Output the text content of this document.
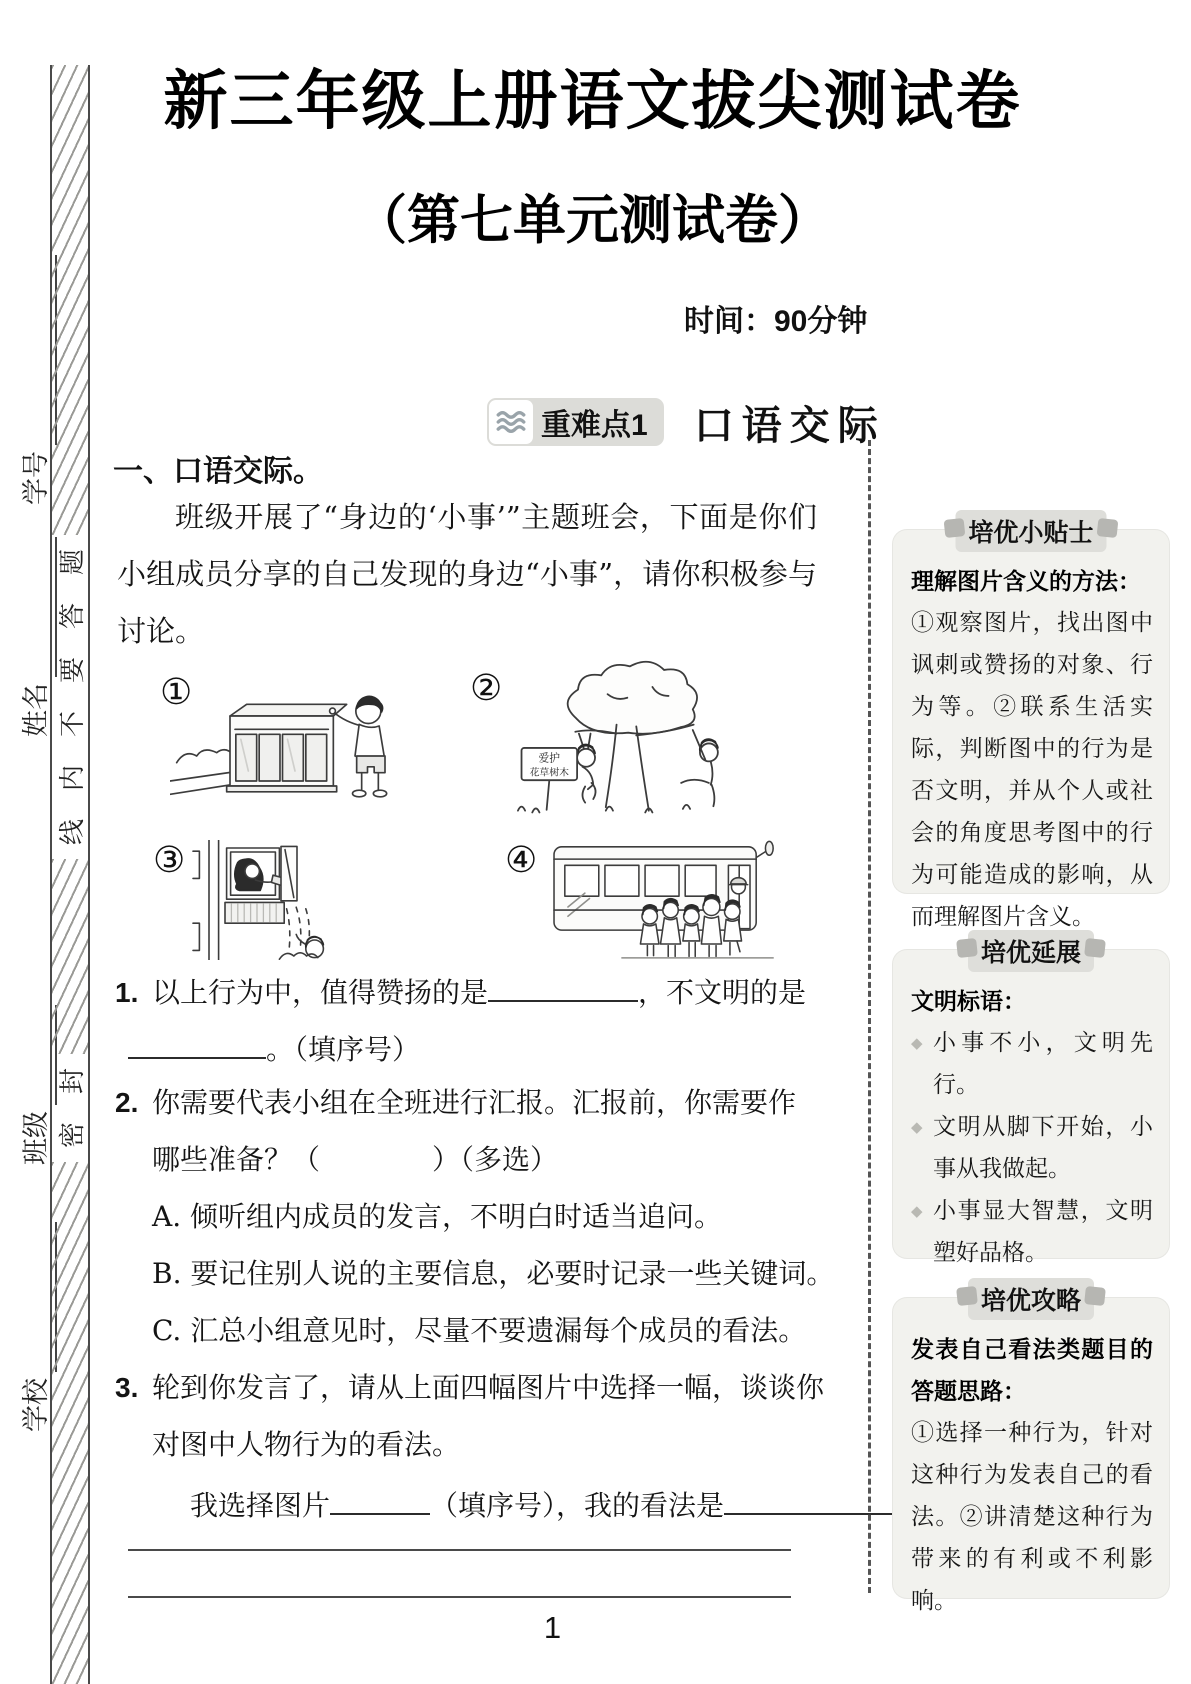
学号
姓名
班级
学校
题
答
要
不
内
线
封
密
新三年级上册语文拔尖测试卷
（第七单元测试卷）
时间：90分钟
重难点1 口语交际
一、口语交际。
班级开展了“身边的‘小事’”主题班会，下面是你们小组成员分享的自己发现的身边“小事”，请你积极参与讨论。
①	②
爱护
花草树木
③	④
1. 以上行为中，值得赞扬的是	，不文明的是
。（填序号）
2. 你需要代表小组在全班进行汇报。汇报前，你需要作
哪些准备？（　　　　）（多选）
A. 倾听组内成员的发言，不明白时适当追问。
B. 要记住别人说的主要信息，必要时记录一些关键词。
C. 汇总小组意见时，尽量不要遗漏每个成员的看法。
3. 轮到你发言了，请从上面四幅图片中选择一幅，谈谈你
对图中人物行为的看法。
我选择图片	（填序号），我的看法是
1
培优小贴士
理解图片含义的方法：
①观察图片，找出图中讽刺或赞扬的对象、行为等。②联系生活实际，判断图中的行为是否文明，并从个人或社会的角度思考图中的行为可能造成的影响，从而理解图片含义。
培优延展
文明标语：
◆ 小事不小，文明先行。
◆ 文明从脚下开始，小事从我做起。
◆ 小事显大智慧，文明塑好品格。
培优攻略
发表自己看法类题目的答题思路：
①选择一种行为，针对这种行为发表自己的看法。②讲清楚这种行为带来的有利或不利影响。
